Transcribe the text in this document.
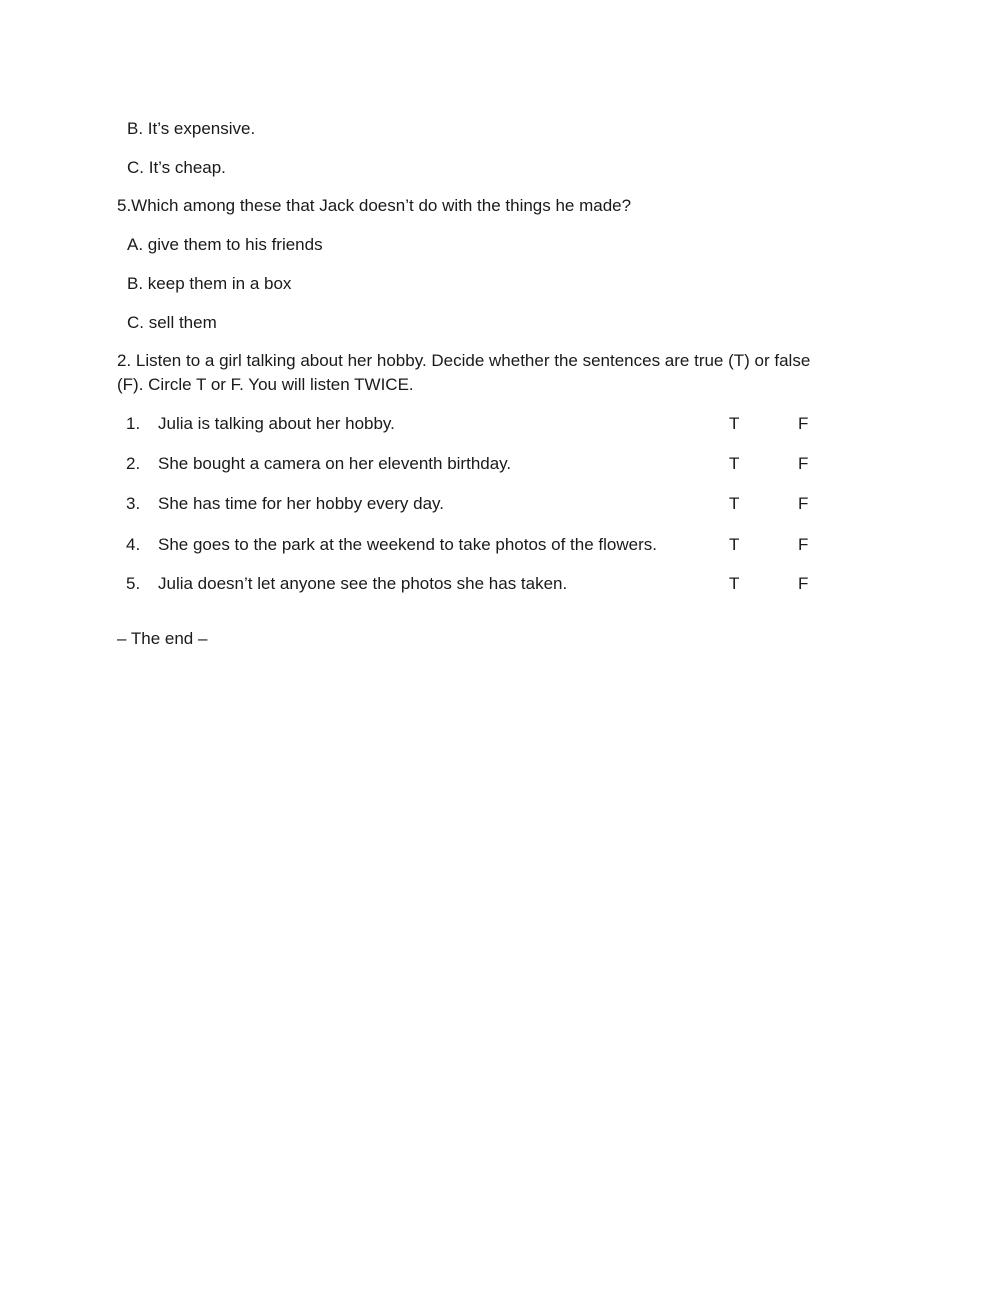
B. It’s expensive.
C. It’s cheap.
5.Which among these that Jack doesn’t do with the things he made?
A. give them to his friends
B. keep them in a box
C. sell them
2. Listen to a girl talking about her hobby. Decide whether the sentences are true (T) or false
(F). Circle T or F. You will listen TWICE.
1. Julia is talking about her hobby.	T	F
2. She bought a camera on her eleventh birthday.	T	F
3. She has time for her hobby every day.	T	F
4. She goes to the park at the weekend to take photos of the flowers.	T	F
5. Julia doesn’t let anyone see the photos she has taken.	T	F
– The end –
